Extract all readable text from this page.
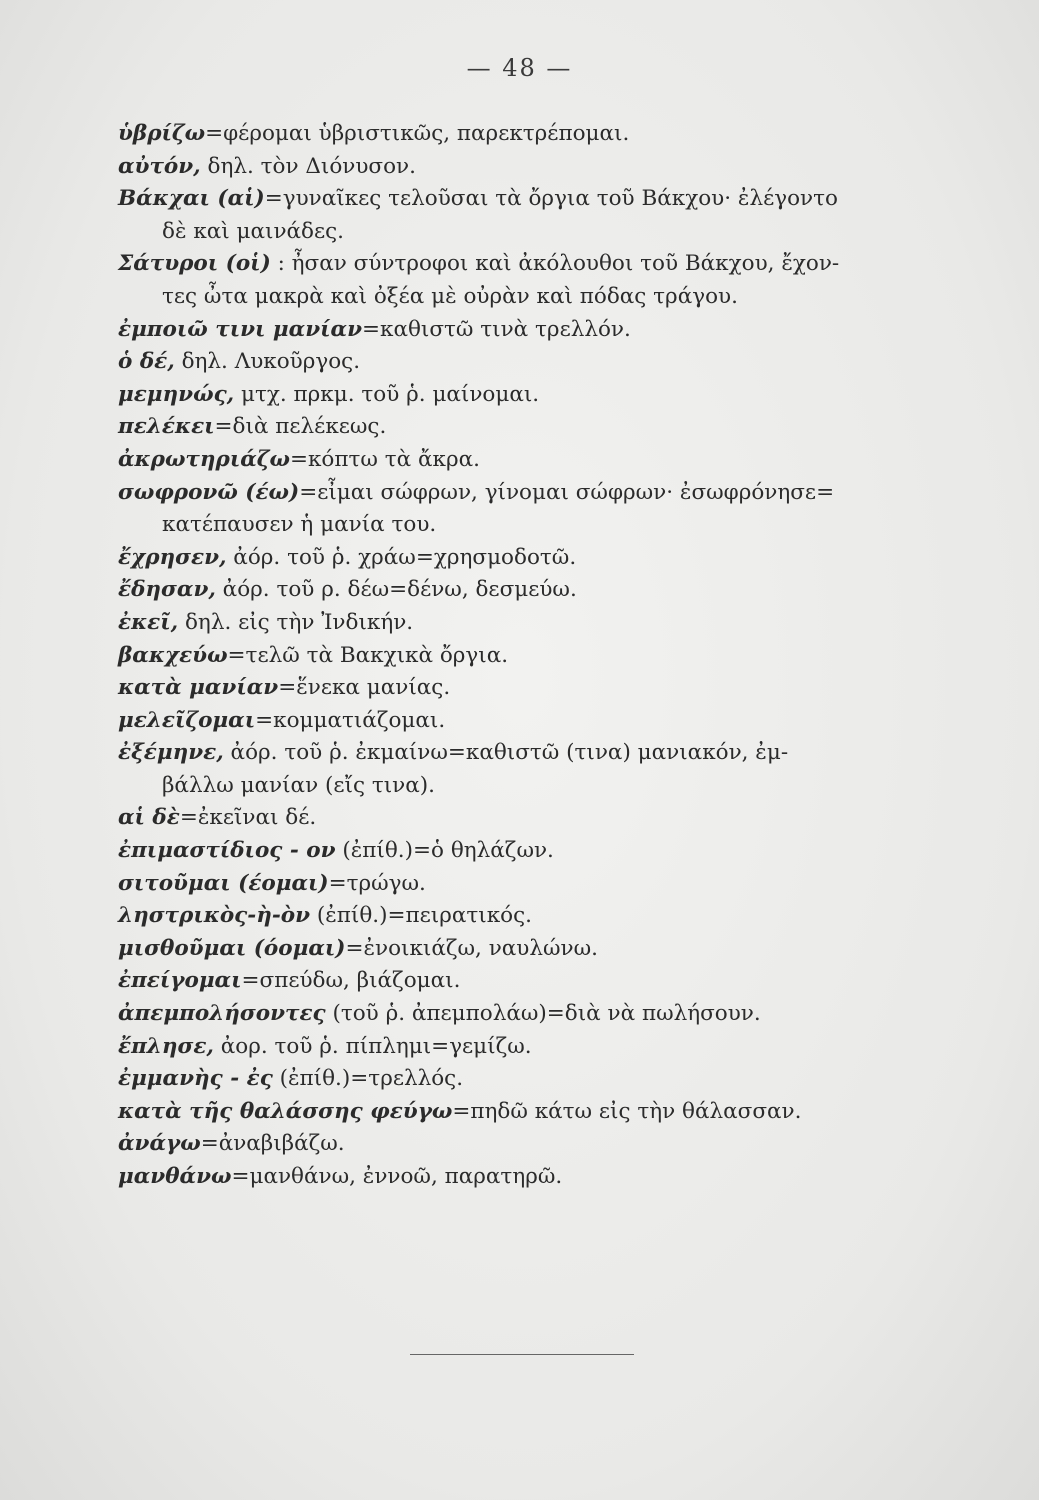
— 48 —

ὑβρίζω=φέρομαι ὑβριστικῶς, παρεκτρέπομαι.

αὐτόν, δηλ. τὸν Διόνυσον.

Βάκχαι (αἱ)=γυναῖκες τελοῦσαι τὰ ὄργια τοῦ Βάκχου· ἐλέγοντο
δὲ καὶ μαινάδες.

Σάτυροι (οἱ) : ἦσαν σύντροφοι καὶ ἀκόλουθοι τοῦ Βάκχου, ἔχον-
τες ὦτα μακρὰ καὶ ὀξέα μὲ οὐρὰν καὶ πόδας τράγου.

ἐμποιῶ τινι μανίαν=καθιστῶ τινὰ τρελλόν.

ὁ δέ, δηλ. Λυκοῦργος.

μεμηνώς, μτχ. πρκμ. τοῦ ῥ. μαίνομαι.

πελέκει=διὰ πελέκεως.

ἀκρωτηριάζω=κόπτω τὰ ἄκρα.

σωφρονῶ (έω)=εἶμαι σώφρων, γίνομαι σώφρων· ἐσωφρόνησε=
κατέπαυσεν ἡ μανία του.

ἔχρησεν, ἀόρ. τοῦ ῥ. χράω=χρησμοδοτῶ.

ἔδησαν, ἀόρ. τοῦ ρ. δέω=δένω, δεσμεύω.

ἐκεῖ, δηλ. εἰς τὴν Ἰνδικήν.

βακχεύω=τελῶ τὰ Βακχικὰ ὄργια.

κατὰ μανίαν=ἕνεκα μανίας.

μελεῖζομαι=κομματιάζομαι.

ἐξέμηνε, ἀόρ. τοῦ ῥ. ἐκμαίνω=καθιστῶ (τινα) μανιακόν, ἐμ-
βάλλω μανίαν (εἴς τινα).

αἱ δὲ=ἐκεῖναι δέ.

ἐπιμαστίδιος - ον (ἐπίθ.)=ὁ θηλάζων.

σιτοῦμαι (έομαι)=τρώγω.

ληστρικὸς-ὴ-ὸν (ἐπίθ.)=πειρατικός.

μισθοῦμαι (όομαι)=ἐνοικιάζω, ναυλώνω.

ἐπείγομαι=σπεύδω, βιάζομαι.

ἀπεμπολήσοντες (τοῦ ῥ. ἀπεμπολάω)=διὰ νὰ πωλήσουν.

ἔπλησε, ἀορ. τοῦ ῥ. πίπλημι=γεμίζω.

ἐμμανὴς - ἐς (ἐπίθ.)=τρελλός.

κατὰ τῆς θαλάσσης φεύγω=πηδῶ κάτω εἰς τὴν θάλασσαν.

ἀνάγω=ἀναβιβάζω.

μανθάνω=μανθάνω, ἐννοῶ, παρατηρῶ.
